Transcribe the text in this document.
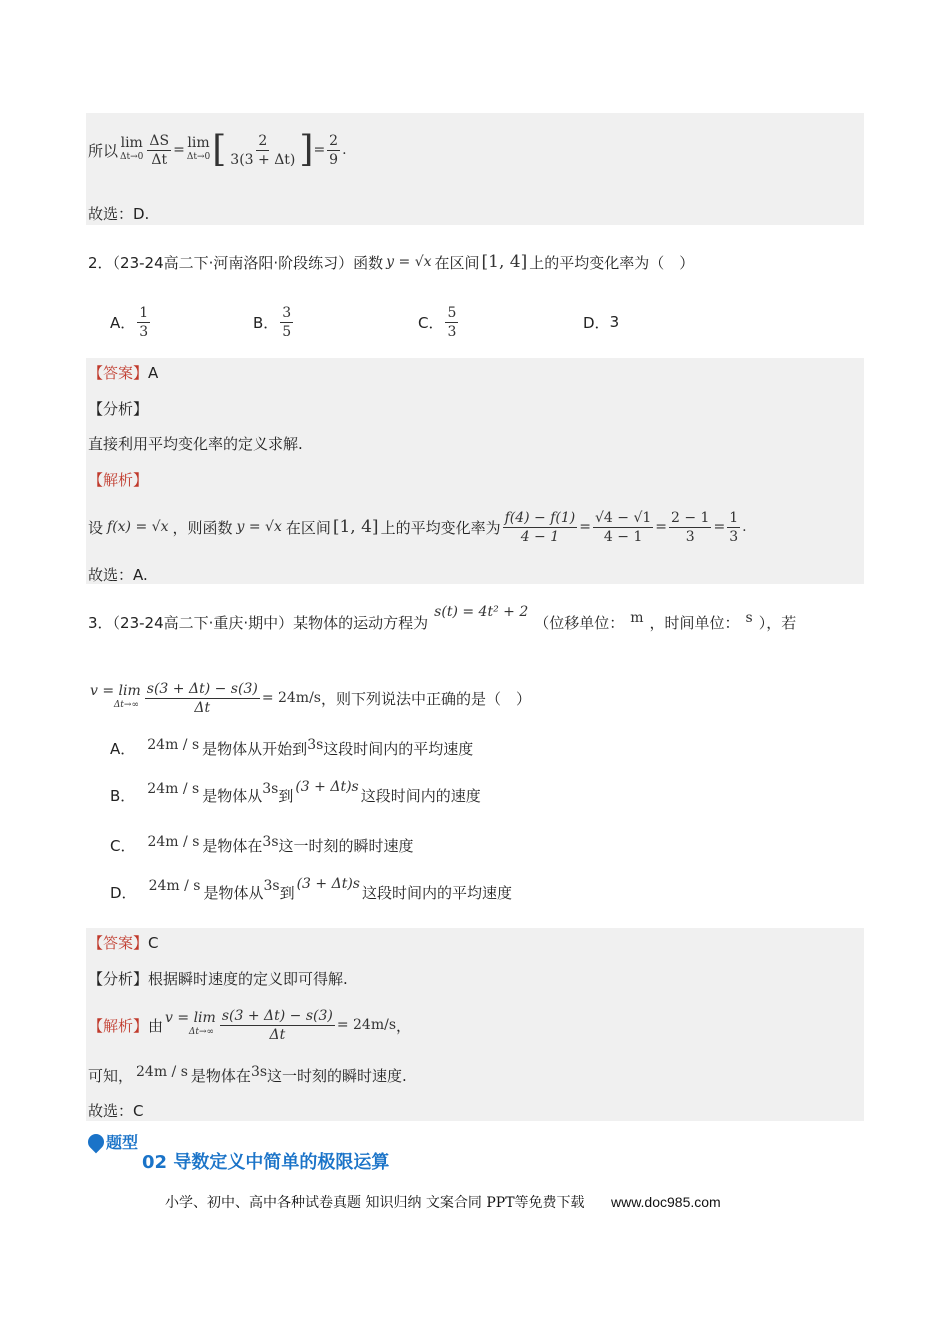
所以 lim
$\Delta t\to 0 \frac{\Delta S}{\Delta t} = \lim$
Δt→0 [ $\frac{2}{3(3 + \Delta t)}$ ] = $\frac{2}{9}$ .
故选：D.
2．（23-24高二下·河南洛阳·阶段练习）函数 y = √x 在区间 [1, 4] 上的平均变化率为（　）
A． $\frac{1}{3}$	B． $\frac{3}{5}$	C． $\frac{5}{3}$	D． 3
【答案】A
【分析】
直接利用平均变化率的定义求解.
【解析】
设 f(x) = √x ，则函数 y = √x 在区间 [1, 4] 上的平均变化率为 $\frac{f(4) - f(1)}{4 - 1} = \frac{√4 - √1}{4 - 1} = \frac{2 - 1}{3} = \frac{1}{3}$ .
故选：A.
3．（23-24高二下·重庆·期中）某物体的运动方程为
s(t) = 4t² + 2
（位移单位： m ，时间单位： s ），若
v = lim
$\Delta t\to\infty \frac{s(3 + \Delta t) - s(3)}{\Delta t} = 24m/s$ ，则下列说法中正确的是（　）
A． 24m / s 是物体从开始到 3s 这段时间内的平均速度
B． 24m / s 是物体从 3s 到 (3 + Δt)s 这段时间内的速度
C． 24m / s 是物体在 3s 这一时刻的瞬时速度
D． 24m / s 是物体从 3s 到 (3 + Δt)s 这段时间内的平均速度
【答案】C
【分析】根据瞬时速度的定义即可得解.
【解析】 由 v = lim
$\Delta t\to\infty \frac{s(3 + \Delta t) - s(3)}{\Delta t} = 24m/s$ ，
可知， 24m / s 是物体在 3s 这一时刻的瞬时速度.
故选：C
题型
02 导数定义中简单的极限运算
小学、初中、高中各种试卷真题 知识归纳 文案合同 PPT等免费下载 www.doc985.com
